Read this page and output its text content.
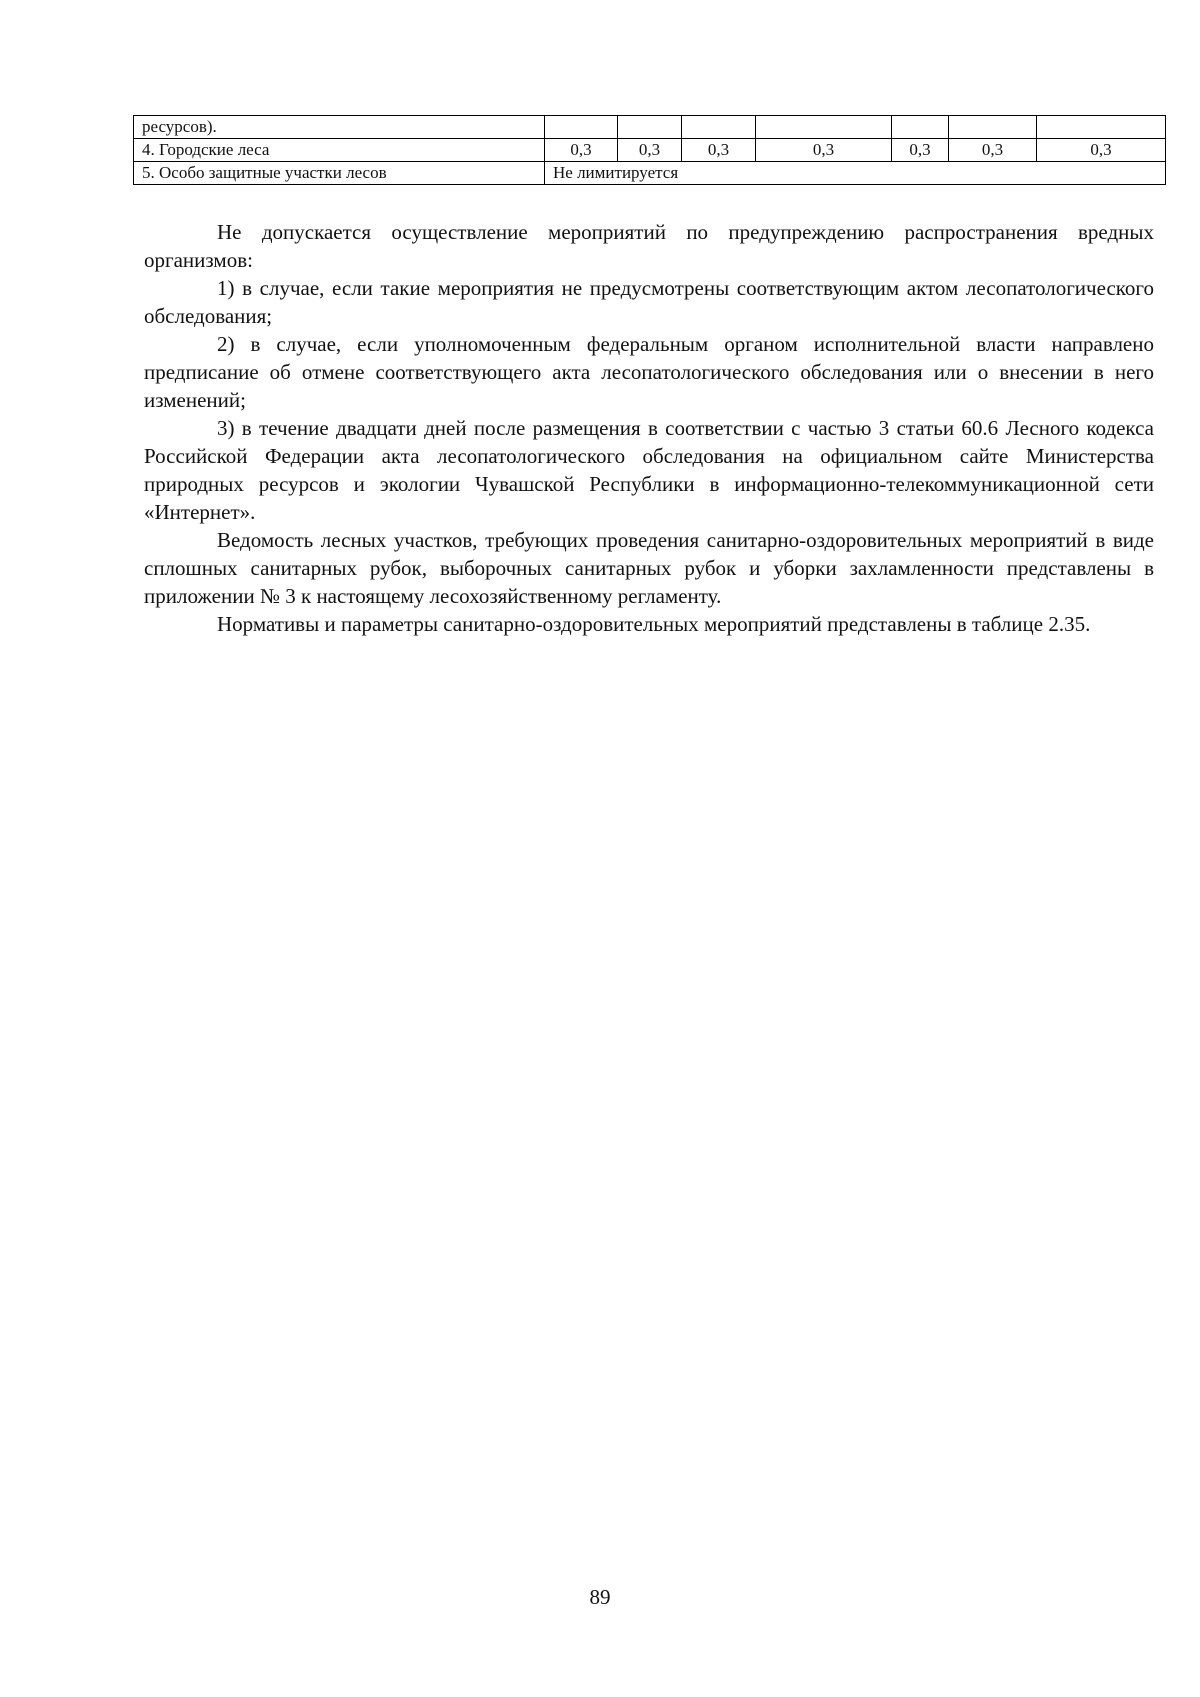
ресурсов).							
4. Городские леса	0,3	0,3	0,3	0,3	0,3	0,3	0,3
5. Особо защитные участки лесов	Не лимитируется						

Не допускается осуществление мероприятий по предупреждению распространения вредных организмов:

1) в случае, если такие мероприятия не предусмотрены соответствующим актом лесопатологического обследования;

2) в случае, если уполномоченным федеральным органом исполнительной власти направлено предписание об отмене соответствующего акта лесопатологического обследования или о внесении в него изменений;

3) в течение двадцати дней после размещения в соответствии с частью 3 статьи 60.6 Лесного кодекса Российской Федерации акта лесопатологического обследования на официальном сайте Министерства природных ресурсов и экологии Чувашской Республики в информационно-телекоммуникационной сети «Интернет».

Ведомость лесных участков, требующих проведения санитарно-оздоровительных мероприятий в виде сплошных санитарных рубок, выборочных санитарных рубок и уборки захламленности представлены в приложении № 3 к настоящему лесохозяйственному регламенту.

Нормативы и параметры санитарно-оздоровительных мероприятий представлены в таблице 2.35.

89
